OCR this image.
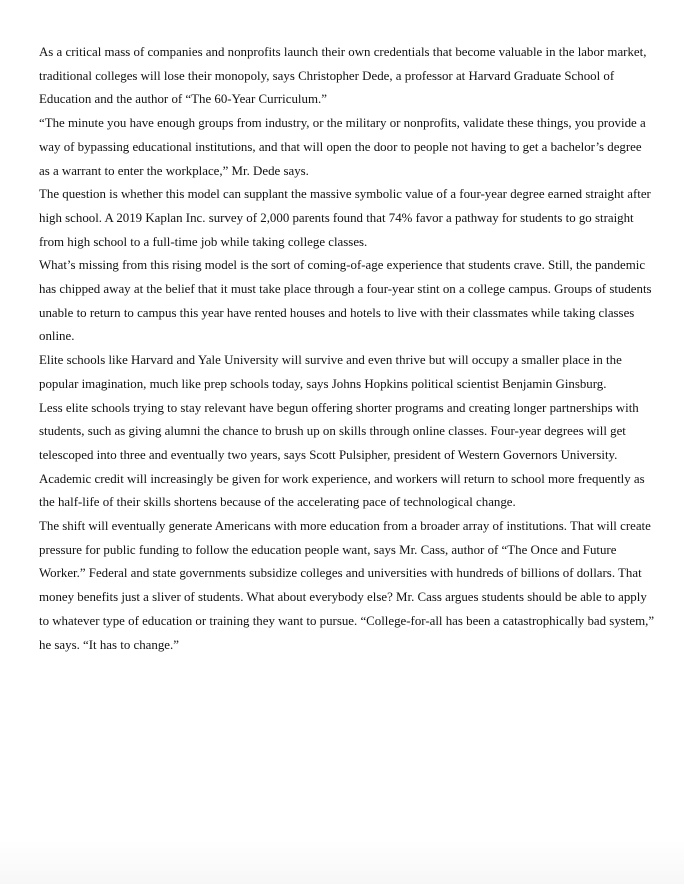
As a critical mass of companies and nonprofits launch their own credentials that become valuable in the labor market, traditional colleges will lose their monopoly, says Christopher Dede, a professor at Harvard Graduate School of Education and the author of “The 60-Year Curriculum.”

“The minute you have enough groups from industry, or the military or nonprofits, validate these things, you provide a way of bypassing educational institutions, and that will open the door to people not having to get a bachelor’s degree as a warrant to enter the workplace,” Mr. Dede says.

The question is whether this model can supplant the massive symbolic value of a four-year degree earned straight after high school. A 2019 Kaplan Inc. survey of 2,000 parents found that 74% favor a pathway for students to go straight from high school to a full-time job while taking college classes.

What’s missing from this rising model is the sort of coming-of-age experience that students crave. Still, the pandemic has chipped away at the belief that it must take place through a four-year stint on a college campus. Groups of students unable to return to campus this year have rented houses and hotels to live with their classmates while taking classes online.

Elite schools like Harvard and Yale University will survive and even thrive but will occupy a smaller place in the popular imagination, much like prep schools today, says Johns Hopkins political scientist Benjamin Ginsburg.

Less elite schools trying to stay relevant have begun offering shorter programs and creating longer partnerships with students, such as giving alumni the chance to brush up on skills through online classes. Four-year degrees will get telescoped into three and eventually two years, says Scott Pulsipher, president of Western Governors University. Academic credit will increasingly be given for work experience, and workers will return to school more frequently as the half-life of their skills shortens because of the accelerating pace of technological change.

The shift will eventually generate Americans with more education from a broader array of institutions. That will create pressure for public funding to follow the education people want, says Mr. Cass, author of “The Once and Future Worker.” Federal and state governments subsidize colleges and universities with hundreds of billions of dollars. That money benefits just a sliver of students. What about everybody else? Mr. Cass argues students should be able to apply to whatever type of education or training they want to pursue. “College-for-all has been a catastrophically bad system,” he says. “It has to change.”
